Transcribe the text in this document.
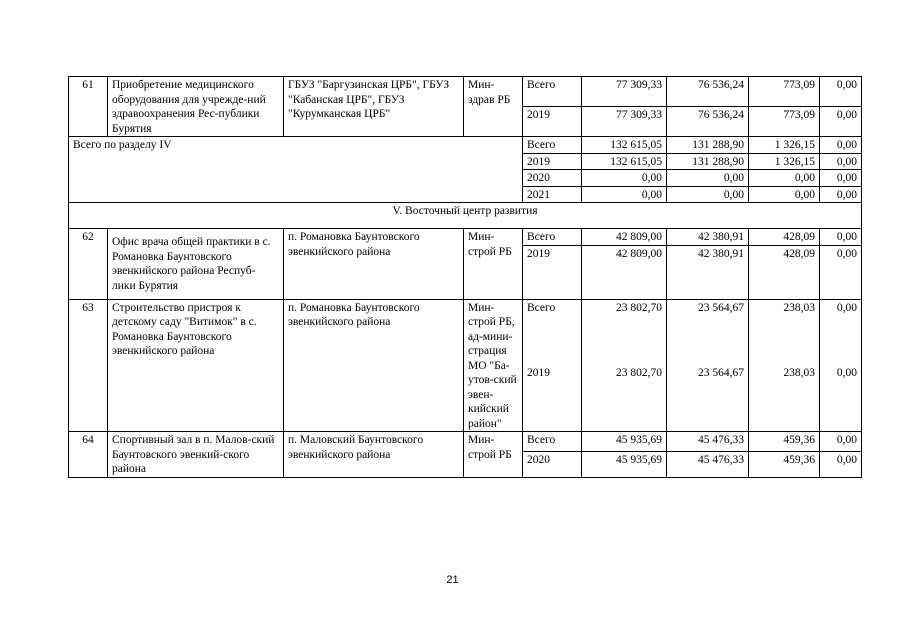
61	Приобретение медицинского оборудования для учрежде-ний здравоохранения Рес-публики Бурятия	ГБУЗ "Баргузинская ЦРБ", ГБУЗ "Кабанская ЦРБ", ГБУЗ "Курумканская ЦРБ"	Мин-здрав РБ	Всего	77 309,33	76 536,24	773,09	0,00
				2019	77 309,33	76 536,24	773,09	0,00
Всего по разделу IV				Всего	132 615,05	131 288,90	1 326,15	0,00
				2019	132 615,05	131 288,90	1 326,15	0,00
				2020	0,00	0,00	0,00	0,00
				2021	0,00	0,00	0,00	0,00
V. Восточный центр развития								
62	Офис врача общей практики в с. Романовка Баунтовского эвенкийского района Респуб-лики Бурятия	п. Романовка Баунтовского эвенкийского района	Мин-строй РБ	Всего	42 809,00	42 380,91	428,09	0,00
				2019	42 809,00	42 380,91	428,09	0,00
63	Строительство пристроя к детскому саду "Витимок" в с. Романовка Баунтовского эвенкийского района	п. Романовка Баунтовского эвенкийского района	Мин-строй РБ, ад-мини-страция МО "Ба-утов-ский эвен-кийский район"	Всего	23 802,70	23 564,67	238,03	0,00
				2019	23 802,70	23 564,67	238,03	0,00
64	Спортивный зал в п. Малов-ский Баунтовского эвенкий-ского района	п. Маловский Баунтовского эвенкийского района	Мин-строй РБ	Всего	45 935,69	45 476,33	459,36	0,00
				2020	45 935,69	45 476,33	459,36	0,00
21
